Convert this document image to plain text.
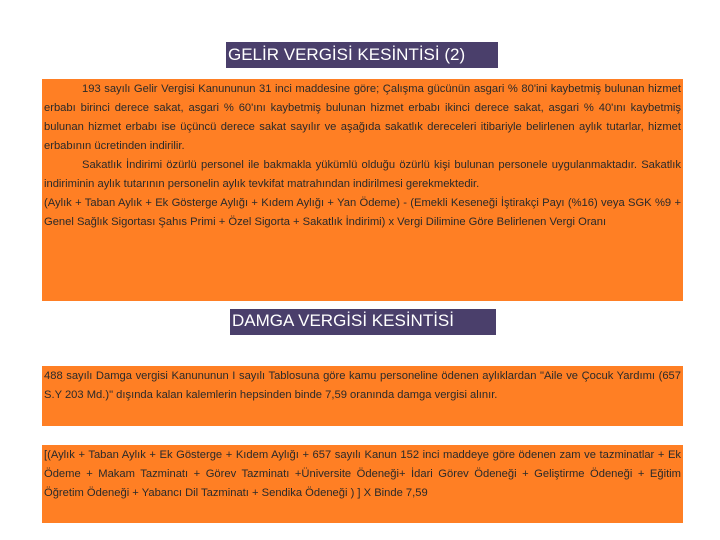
GELİR VERGİSİ KESİNTİSİ (2)

193 sayılı Gelir Vergisi Kanununun 31 inci maddesine göre; Çalışma gücünün asgari % 80'ini kaybetmiş bulunan hizmet erbabı birinci derece sakat, asgari % 60'ını kaybetmiş bulunan hizmet erbabı ikinci derece sakat, asgari % 40'ını kaybetmiş bulunan hizmet erbabı ise üçüncü derece sakat sayılır ve aşağıda sakatlık dereceleri itibariyle belirlenen aylık tutarlar, hizmet erbabının ücretinden indirilir.

Sakatlık İndirimi özürlü personel ile bakmakla yükümlü olduğu özürlü kişi bulunan personele uygulanmaktadır. Sakatlık indiriminin aylık tutarının personelin aylık tevkifat matrahından indirilmesi gerekmektedir.

(Aylık + Taban Aylık + Ek Gösterge Aylığı + Kıdem Aylığı + Yan Ödeme) - (Emekli Keseneği İştirakçi Payı (%16) veya SGK %9 + Genel Sağlık Sigortası Şahıs Primi + Özel Sigorta + Sakatlık İndirimi) x Vergi Dilimine Göre Belirlenen Vergi Oranı

DAMGA VERGİSİ KESİNTİSİ

488 sayılı Damga vergisi Kanununun I sayılı Tablosuna göre kamu personeline ödenen aylıklardan "Aile ve Çocuk Yardımı (657 S.Y 203 Md.)" dışında kalan kalemlerin hepsinden binde 7,59 oranında damga vergisi alınır.

[(Aylık + Taban Aylık + Ek Gösterge + Kıdem Aylığı + 657 sayılı Kanun 152 inci maddeye göre ödenen zam ve tazminatlar + Ek Ödeme + Makam Tazminatı + Görev Tazminatı +Üniversite Ödeneği+ İdari Görev Ödeneği + Geliştirme Ödeneği + Eğitim Öğretim Ödeneği + Yabancı Dil Tazminatı + Sendika Ödeneği ) ] X Binde 7,59
